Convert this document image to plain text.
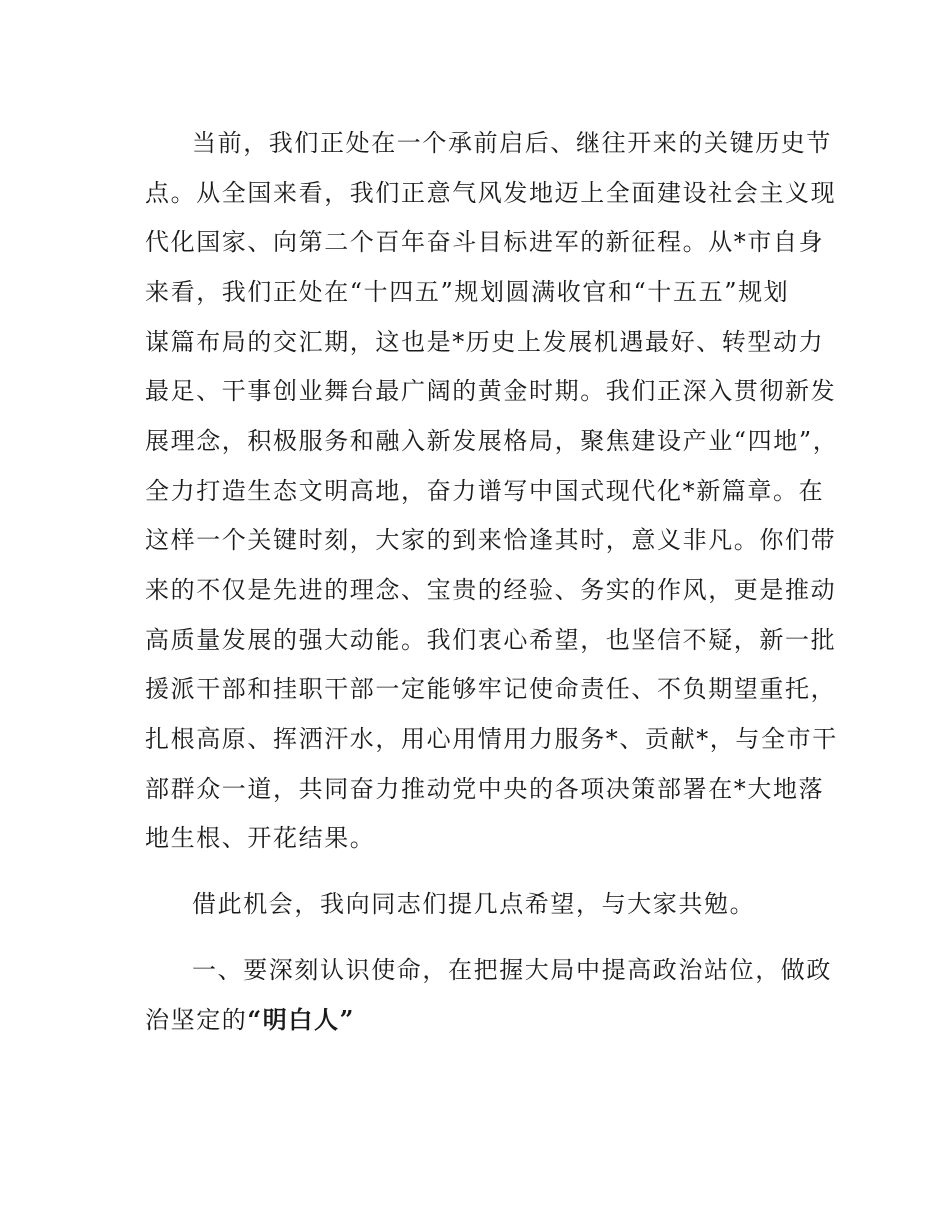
当前，我们正处在一个承前启后、继往开来的关键历史节
点。从全国来看，我们正意气风发地迈上全面建设社会主义现
代化国家、向第二个百年奋斗目标进军的新征程。从*市自身
来看，我们正处在“十四五”规划圆满收官和“十五五”规划
谋篇布局的交汇期，这也是*历史上发展机遇最好、转型动力
最足、干事创业舞台最广阔的黄金时期。我们正深入贯彻新发
展理念，积极服务和融入新发展格局，聚焦建设产业“四地”，
全力打造生态文明高地，奋力谱写中国式现代化*新篇章。在
这样一个关键时刻，大家的到来恰逢其时，意义非凡。你们带
来的不仅是先进的理念、宝贵的经验、务实的作风，更是推动
高质量发展的强大动能。我们衷心希望，也坚信不疑，新一批
援派干部和挂职干部一定能够牢记使命责任、不负期望重托，
扎根高原、挥洒汗水，用心用情用力服务*、贡献*，与全市干
部群众一道，共同奋力推动党中央的各项决策部署在*大地落
地生根、开花结果。
借此机会，我向同志们提几点希望，与大家共勉。
一、要深刻认识使命，在把握大局中提高政治站位，做政
治坚定的“明白人”
